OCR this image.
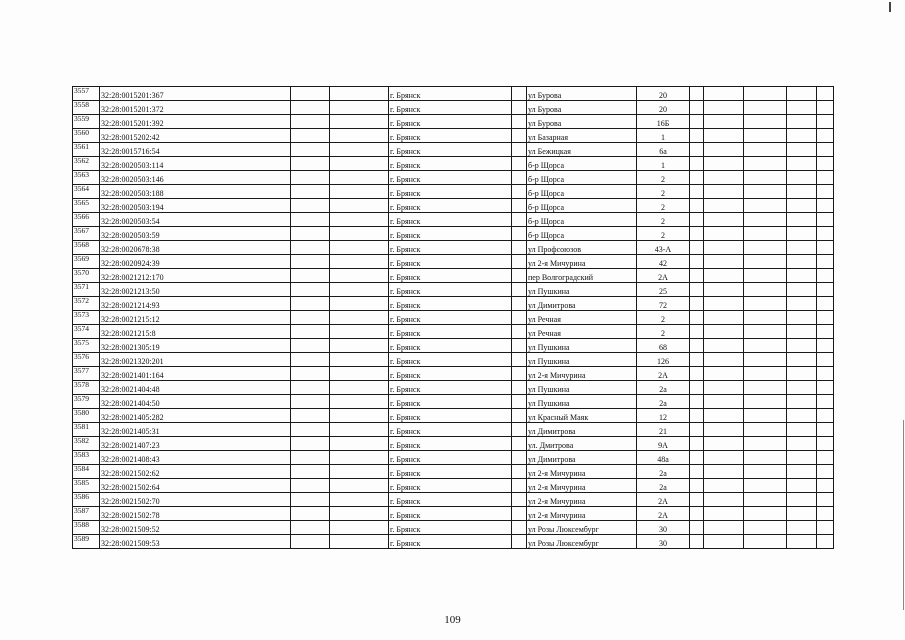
3557	32:28:0015201:367			г. Брянск		ул Бурова	20					
3558	32:28:0015201:372			г. Брянск		ул Бурова	20					
3559	32:28:0015201:392			г. Брянск		ул Бурова	16Б					
3560	32:28:0015202:42			г. Брянск		ул Базарная	1					
3561	32:28:0015716:54			г. Брянск		ул Бежицкая	6а					
3562	32:28:0020503:114			г. Брянск		б-р Щорса	1					
3563	32:28:0020503:146			г. Брянск		б-р Щорса	2					
3564	32:28:0020503:188			г. Брянск		б-р Щорса	2					
3565	32:28:0020503:194			г. Брянск		б-р Щорса	2					
3566	32:28:0020503:54			г. Брянск		б-р Щорса	2					
3567	32:28:0020503:59			г. Брянск		б-р Щорса	2					
3568	32:28:0020678:38			г. Брянск		ул Профсоюзов	43-А					
3569	32:28:0020924:39			г. Брянск		ул 2-я Мичурина	42					
3570	32:28:0021212:170			г. Брянск		пер Волгоградский	2А					
3571	32:28:0021213:50			г. Брянск		ул Пушкина	25					
3572	32:28:0021214:93			г. Брянск		ул Димитрова	72					
3573	32:28:0021215:12			г. Брянск		ул Речная	2					
3574	32:28:0021215:8			г. Брянск		ул Речная	2					
3575	32:28:0021305:19			г. Брянск		ул Пушкина	68					
3576	32:28:0021320:201			г. Брянск		ул Пушкина	126					
3577	32:28:0021401:164			г. Брянск		ул 2-я Мичурина	2А					
3578	32:28:0021404:48			г. Брянск		ул Пушкина	2а					
3579	32:28:0021404:50			г. Брянск		ул Пушкина	2а					
3580	32:28:0021405:282			г. Брянск		ул Красный Маяк	12					
3581	32:28:0021405:31			г. Брянск		ул Димитрова	21					
3582	32:28:0021407:23			г. Брянск		ул. Дмитрова	9А					
3583	32:28:0021408:43			г. Брянск		ул Димитрова	48а					
3584	32:28:0021502:62			г. Брянск		ул 2-я Мичурина	2а					
3585	32:28:0021502:64			г. Брянск		ул 2-я Мичурина	2а					
3586	32:28:0021502:70			г. Брянск		ул 2-я Мичурина	2А					
3587	32:28:0021502:78			г. Брянск		ул 2-я Мичурина	2А					
3588	32:28:0021509:52			г. Брянск		ул Розы Люксембург	30					
3589	32:28:0021509:53			г. Брянск		ул Розы Люксембург	30					
109
